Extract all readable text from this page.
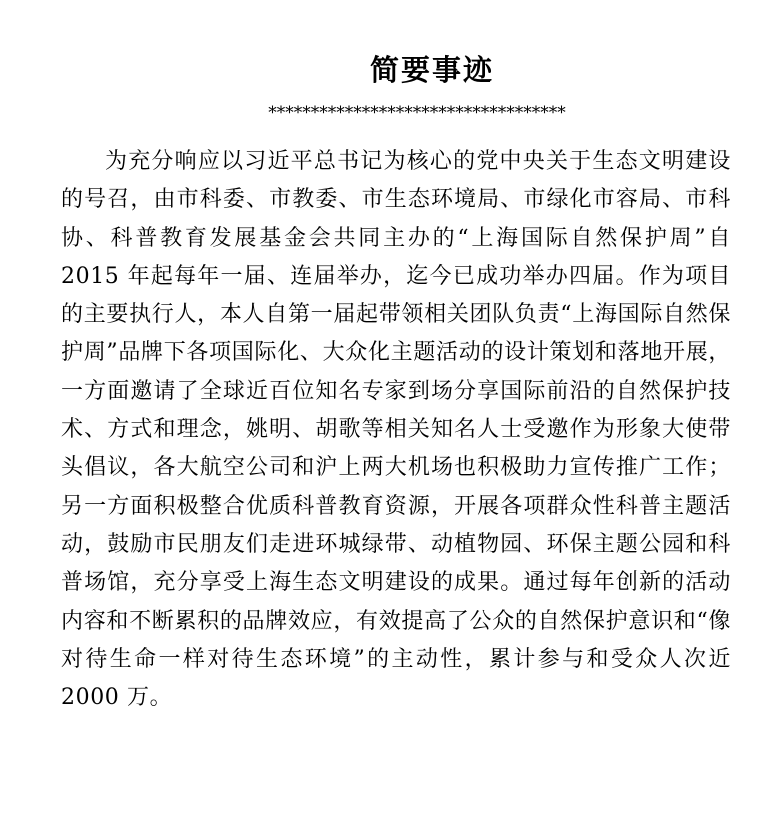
简要事迹
***********************************

为充分响应以习近平总书记为核心的党中央关于生态文明建设的号召，由市科委、市教委、市生态环境局、市绿化市容局、市科协、科普教育发展基金会共同主办的“上海国际自然保护周”自 2015 年起每年一届、连届举办，迄今已成功举办四届。作为项目的主要执行人，本人自第一届起带领相关团队负责“上海国际自然保护周”品牌下各项国际化、大众化主题活动的设计策划和落地开展，一方面邀请了全球近百位知名专家到场分享国际前沿的自然保护技术、方式和理念，姚明、胡歌等相关知名人士受邀作为形象大使带头倡议，各大航空公司和沪上两大机场也积极助力宣传推广工作；另一方面积极整合优质科普教育资源，开展各项群众性科普主题活动，鼓励市民朋友们走进环城绿带、动植物园、环保主题公园和科普场馆，充分享受上海生态文明建设的成果。通过每年创新的活动内容和不断累积的品牌效应，有效提高了公众的自然保护意识和“像对待生命一样对待生态环境”的主动性，累计参与和受众人次近 2000 万。
